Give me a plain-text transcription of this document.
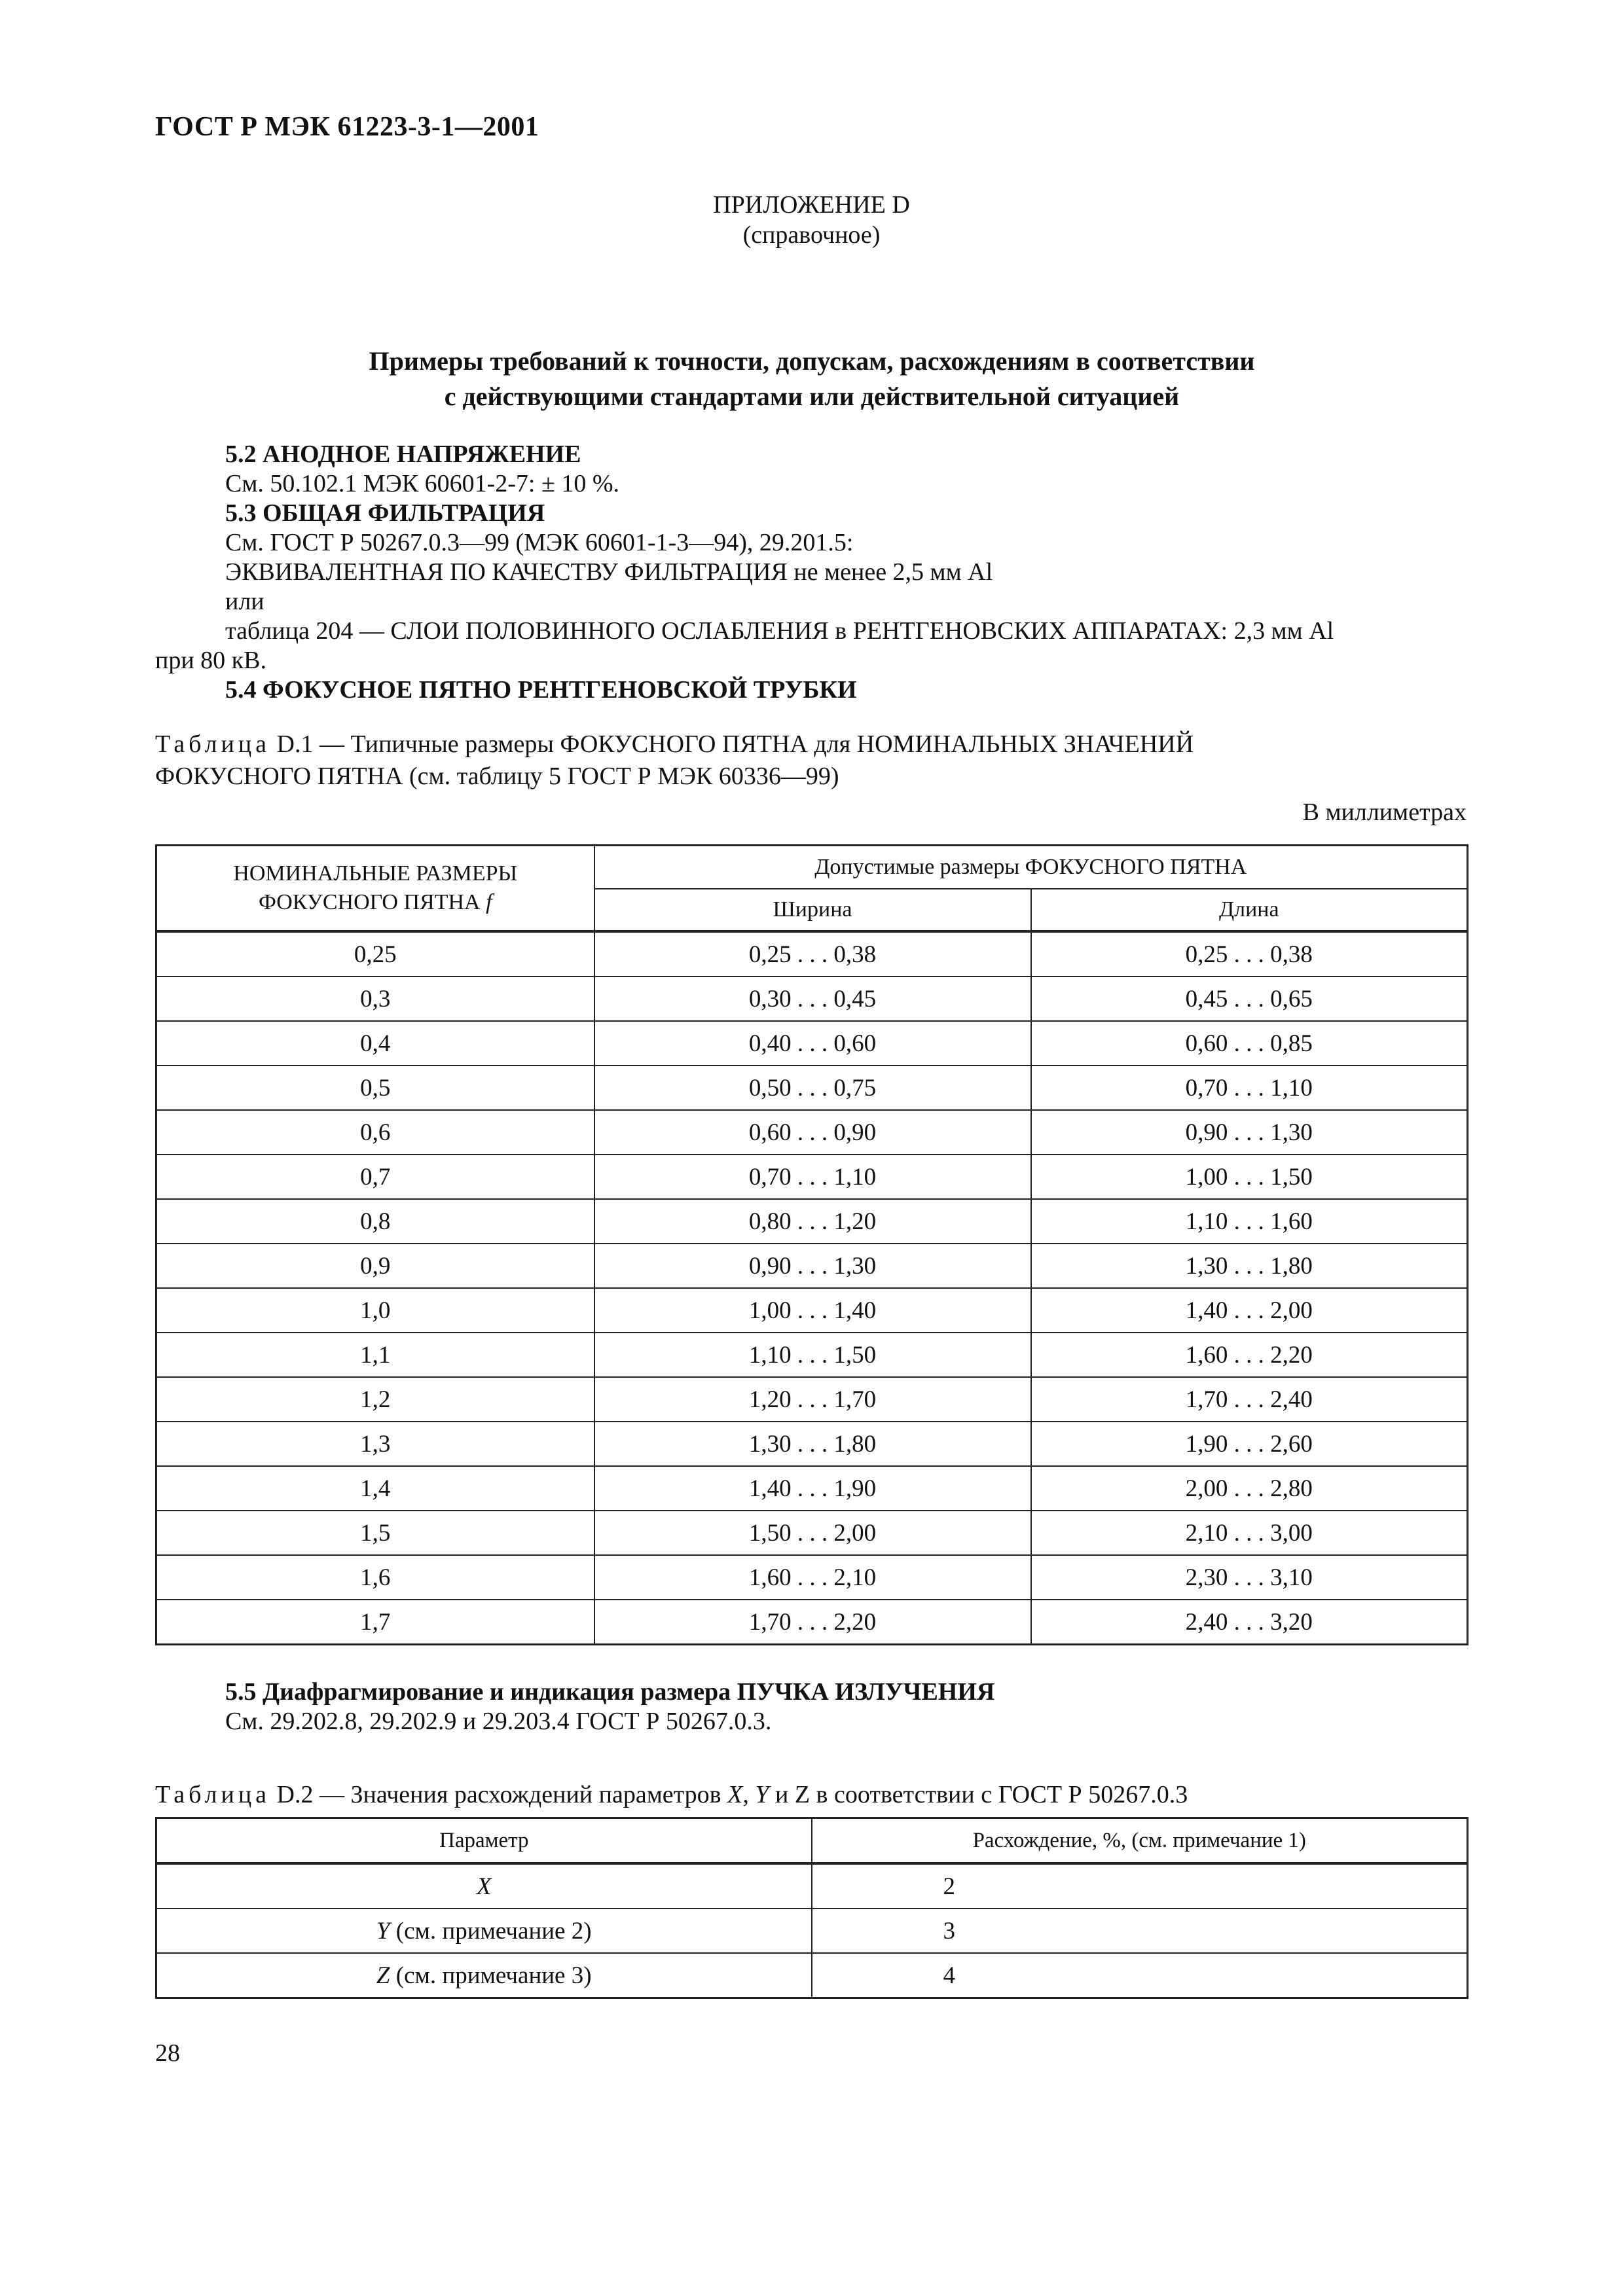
ГОСТ Р МЭК 61223-3-1—2001
ПРИЛОЖЕНИЕ D
(справочное)
Примеры требований к точности, допускам, расхождениям в соответствии
с действующими стандартами или действительной ситуацией
5.2 АНОДНОЕ НАПРЯЖЕНИЕ
См. 50.102.1 МЭК 60601-2-7: ± 10 %.
5.3 ОБЩАЯ ФИЛЬТРАЦИЯ
См. ГОСТ Р 50267.0.3—99 (МЭК 60601-1-3—94), 29.201.5:
ЭКВИВАЛЕНТНАЯ ПО КАЧЕСТВУ ФИЛЬТРАЦИЯ не менее 2,5 мм Al
или
таблица 204 — СЛОИ ПОЛОВИННОГО ОСЛАБЛЕНИЯ в РЕНТГЕНОВСКИХ АППАРАТАХ: 2,3 мм Al
при 80 кВ.
5.4 ФОКУСНОЕ ПЯТНО РЕНТГЕНОВСКОЙ ТРУБКИ
Таблица D.1 — Типичные размеры ФОКУСНОГО ПЯТНА для НОМИНАЛЬНЫХ ЗНАЧЕНИЙ
ФОКУСНОГО ПЯТНА (см. таблицу 5 ГОСТ Р МЭК 60336—99)
В миллиметрах
НОМИНАЛЬНЫЕ РАЗМЕРЫ
ФОКУСНОГО ПЯТНА f	Допустимые размеры ФОКУСНОГО ПЯТНА	
	Ширина	Длина
0,25	0,25 . . . 0,38	0,25 . . . 0,38
0,3	0,30 . . . 0,45	0,45 . . . 0,65
0,4	0,40 . . . 0,60	0,60 . . . 0,85
0,5	0,50 . . . 0,75	0,70 . . . 1,10
0,6	0,60 . . . 0,90	0,90 . . . 1,30
0,7	0,70 . . . 1,10	1,00 . . . 1,50
0,8	0,80 . . . 1,20	1,10 . . . 1,60
0,9	0,90 . . . 1,30	1,30 . . . 1,80
1,0	1,00 . . . 1,40	1,40 . . . 2,00
1,1	1,10 . . . 1,50	1,60 . . . 2,20
1,2	1,20 . . . 1,70	1,70 . . . 2,40
1,3	1,30 . . . 1,80	1,90 . . . 2,60
1,4	1,40 . . . 1,90	2,00 . . . 2,80
1,5	1,50 . . . 2,00	2,10 . . . 3,00
1,6	1,60 . . . 2,10	2,30 . . . 3,10
1,7	1,70 . . . 2,20	2,40 . . . 3,20
5.5 Диафрагмирование и индикация размера ПУЧКА ИЗЛУЧЕНИЯ
См. 29.202.8, 29.202.9 и 29.203.4 ГОСТ Р 50267.0.3.
Таблица D.2 — Значения расхождений параметров X, Y и Z в соответствии с ГОСТ Р 50267.0.3
Параметр	Расхождение, %, (см. примечание 1)
X	2
Y (см. примечание 2)	3
Z (см. примечание 3)	4
28
